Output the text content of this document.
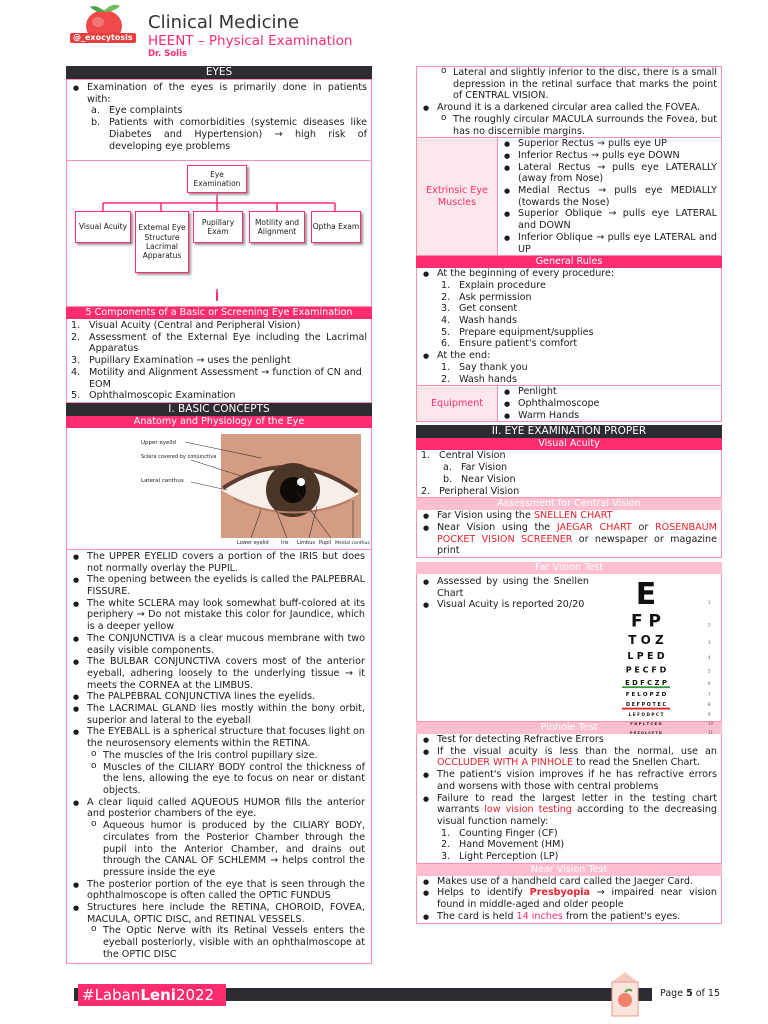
@_exocytosis
Clinical Medicine
HEENT – Physical Examination
Dr. Solis
EYES
● Examination of the eyes is primarily done in patients with:
a. Eye complaints
b. Patients with comorbidities (systemic diseases like Diabetes and Hypertension) → high risk of developing eye problems
Eye Examination
Visual Acuity	External Eye Structure Lacrimal Apparatus
Pupillary Exam
Motility and Alignment
Optha Exam
5 Components of a Basic or Screening Eye Examination
1. Visual Acuity (Central and Peripheral Vision)
2. Assessment of the External Eye including the Lacrimal Apparatus
3. Pupillary Examination → uses the penlight
4. Motility and Alignment Assessment → function of CN and EOM
5. Ophthalmoscopic Examination
I. BASIC CONCEPTS
Anatomy and Physiology of the Eye
Upper eyelid
Sclera covered by conjunctiva
Lateral canthus
Lower eyelid Iris Limbus Pupil Medial canthus
● The UPPER EYELID covers a portion of the IRIS but does not normally overlay the PUPIL.
● The opening between the eyelids is called the PALPEBRAL FISSURE.
● The white SCLERA may look somewhat buff-colored at its periphery → Do not mistake this color for Jaundice, which is a deeper yellow
● The CONJUNCTIVA is a clear mucous membrane with two easily visible components.
● The BULBAR CONJUNCTIVA covers most of the anterior eyeball, adhering loosely to the underlying tissue → it meets the CORNEA at the LIMBUS.
● The PALPEBRAL CONJUNCTIVA lines the eyelids.
● The LACRIMAL GLAND lies mostly within the bony orbit, superior and lateral to the eyeball
● The EYEBALL is a spherical structure that focuses light on the neurosensory elements within the RETINA.
o The muscles of the Iris control pupillary size.
o Muscles of the CILIARY BODY control the thickness of the lens, allowing the eye to focus on near or distant objects.
● A clear liquid called AQUEOUS HUMOR fills the anterior and posterior chambers of the eye.
o Aqueous humor is produced by the CILIARY BODY, circulates from the Posterior Chamber through the pupil into the Anterior Chamber, and drains out through the CANAL OF SCHLEMM → helps control the pressure inside the eye
● The posterior portion of the eye that is seen through the ophthalmoscope is often called the OPTIC FUNDUS
● Structures here include the RETINA, CHOROID, FOVEA, MACULA, OPTIC DISC, and RETINAL VESSELS.
o The Optic Nerve with its Retinal Vessels enters the eyeball posteriorly, visible with an ophthalmoscope at the OPTIC DISC
o Lateral and slightly inferior to the disc, there is a small depression in the retinal surface that marks the point of CENTRAL VISION.
● Around it is a darkened circular area called the FOVEA.
o The roughly circular MACULA surrounds the Fovea, but has no discernible margins.
Extrinsic Eye Muscles
● Superior Rectus → pulls eye UP
● Inferior Rectus → pulls eye DOWN
● Lateral Rectus → pulls eye LATERALLY (away from Nose)
● Medial Rectus → pulls eye MEDIALLY (towards the Nose)
● Superior Oblique → pulls eye LATERAL and DOWN
● Inferior Oblique → pulls eye LATERAL and UP
General Rules
● At the beginning of every procedure:
1. Explain procedure
2. Ask permission
3. Get consent
4. Wash hands
5. Prepare equipment/supplies
6. Ensure patient's comfort
● At the end:
1. Say thank you
2. Wash hands
Equipment
● Penlight
● Ophthalmoscope
● Warm Hands
II. EYE EXAMINATION PROPER
Visual Acuity
1. Central Vision
a. Far Vision
b. Near Vision
2. Peripheral Vision
Assessment for Central Vision
● Far Vision using the SNELLEN CHART
● Near Vision using the JAEGAR CHART or ROSENBAUM POCKET VISION SCREENER or newspaper or magazine print
Far Vision Test
● Assessed by using the Snellen Chart
● Visual Acuity is reported 20/20
Pinhole Test
● Test for detecting Refractive Errors
● If the visual acuity is less than the normal, use an OCCLUDER WITH A PINHOLE to read the Snellen Chart.
● The patient's vision improves if he has refractive errors and worsens with those with central problems
● Failure to read the largest letter in the testing chart warrants low vision testing according to the decreasing visual function namely:
1. Counting Finger (CF)
2. Hand Movement (HM)
3. Light Perception (LP)
Near Vision Test
● Makes use of a handheld card called the Jaeger Card.
● Helps to identify Presbyopia → impaired near vision found in middle-aged and older people
● The card is held 14 inches from the patient's eyes.
E	1
F P	2
T O Z	3
L P E D	4
P E C F D	5
E D F C Z P	6
F E L O P Z D	7
D E F P O T E C	8
L E F O D P C T	9
F D P L T C E O	10
P E Z O L C F T D	11
#LabanLeni2022	Page 5 of 15
